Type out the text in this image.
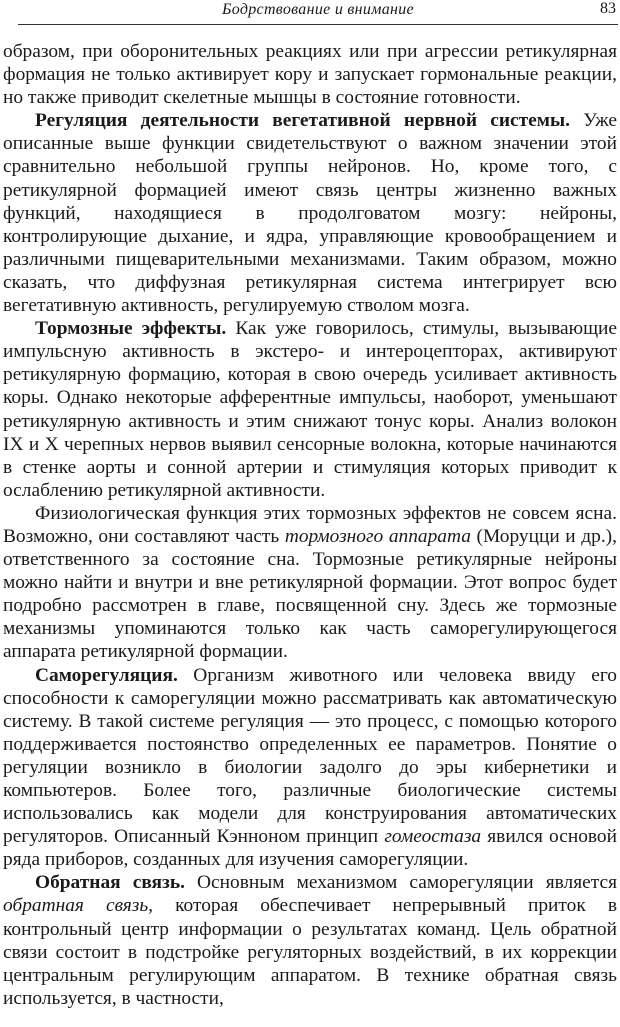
Бодрствование и внимание	83

образом, при оборонительных реакциях или при агрессии ретикулярная формация не только активирует кору и запускает гормональные реакции, но также приводит скелетные мышцы в состояние готовности.

Регуляция деятельности вегетативной нервной системы. Уже описанные выше функции свидетельствуют о важном значении этой сравнительно небольшой группы нейронов. Но, кроме того, с ретикулярной формацией имеют связь центры жизненно важных функций, находящиеся в продолговатом мозгу: нейроны, контролирующие дыхание, и ядра, управляющие кровообращением и различными пищеварительными механизмами. Таким образом, можно сказать, что диффузная ретикулярная система интегрирует всю вегетативную активность, регулируемую стволом мозга.

Тормозные эффекты. Как уже говорилось, стимулы, вызывающие импульсную активность в экстеро- и интероцепторах, активируют ретикулярную формацию, которая в свою очередь усиливает активность коры. Однако некоторые афферентные импульсы, наоборот, уменьшают ретикулярную активность и этим снижают тонус коры. Анализ волокон IX и X черепных нервов выявил сенсорные волокна, которые начинаются в стенке аорты и сонной артерии и стимуляция которых приводит к ослаблению ретикулярной активности.

Физиологическая функция этих тормозных эффектов не совсем ясна. Возможно, они составляют часть тормозного аппарата (Моруцци и др.), ответственного за состояние сна. Тормозные ретикулярные нейроны можно найти и внутри и вне ретикулярной формации. Этот вопрос будет подробно рассмотрен в главе, посвященной сну. Здесь же тормозные механизмы упоминаются только как часть саморегулирующегося аппарата ретикулярной формации.

Саморегуляция. Организм животного или человека ввиду его способности к саморегуляции можно рассматривать как автоматическую систему. В такой системе регуляция — это процесс, с помощью которого поддерживается постоянство определенных ее параметров. Понятие о регуляции возникло в биологии задолго до эры кибернетики и компьютеров. Более того, различные биологические системы использовались как модели для конструирования автоматических регуляторов. Описанный Кэнноном принцип гомеостаза явился основой ряда приборов, созданных для изучения саморегуляции.

Обратная связь. Основным механизмом саморегуляции является обратная связь, которая обеспечивает непрерывный приток в контрольный центр информации о результатах команд. Цель обратной связи состоит в подстройке регуляторных воздействий, в их коррекции центральным регулирующим аппаратом. В технике обратная связь используется, в частности,
